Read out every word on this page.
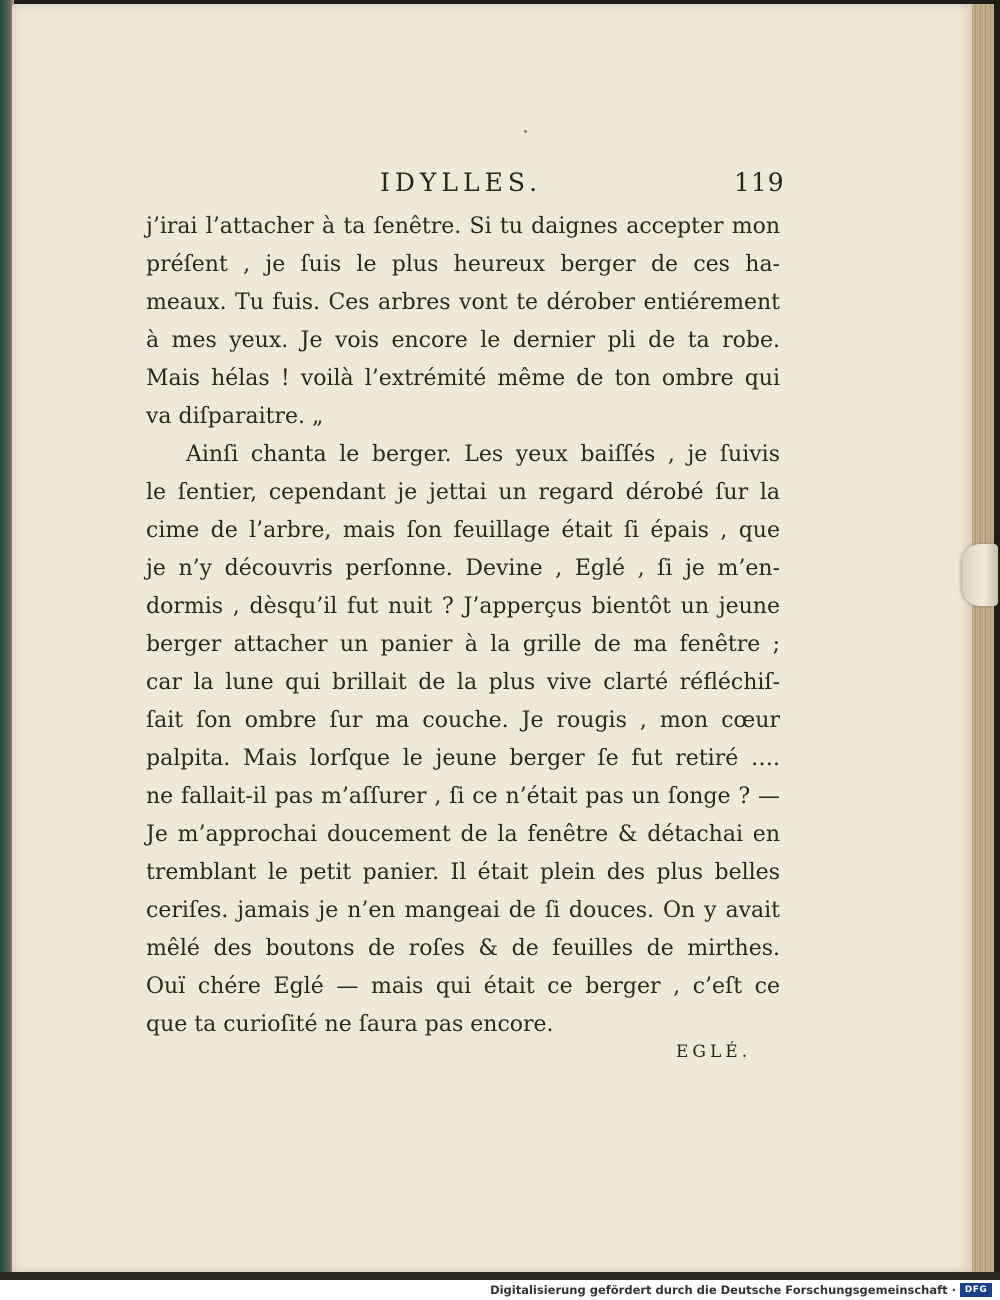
IDYLLES.	119
j’irai l’attacher à ta ſenêtre. Si tu daignes accepter mon
préſent , je ſuis le plus heureux berger de ces ha-
meaux. Tu fuis. Ces arbres vont te dérober entiérement
à mes yeux. Je vois encore le dernier pli de ta robe.
Mais hélas ! voilà l’extrémité même de ton ombre qui
va diſparaitre. „
Ainſi chanta le berger. Les yeux baiſſés , je ſuivis
le ſentier, cependant je jettai un regard dérobé ſur la
cime de l’arbre, mais ſon feuillage était ſi épais , que
je n’y découvris perſonne. Devine , Eglé , ſi je m’en-
dormis , dèsqu’il fut nuit ? J’apperçus bientôt un jeune
berger attacher un panier à la grille de ma fenêtre ;
car la lune qui brillait de la plus vive clarté réfléchiſ-
ſait ſon ombre ſur ma couche. Je rougis , mon cœur
palpita. Mais lorſque le jeune berger ſe fut retiré ….
ne fallait-il pas m’aſſurer , ſi ce n’était pas un ſonge ? —
Je m’approchai doucement de la fenêtre & détachai en
tremblant le petit panier. Il était plein des plus belles
ceriſes. jamais je n’en mangeai de ſi douces. On y avait
mêlé des boutons de roſes & de feuilles de mirthes.
Ouï chére Eglé — mais qui était ce berger , c’eſt ce
que ta curioſité ne ſaura pas encore.
EGLÉ.
Digitalisierung gefördert durch die Deutsche Forschungsgemeinschaft · DFG
